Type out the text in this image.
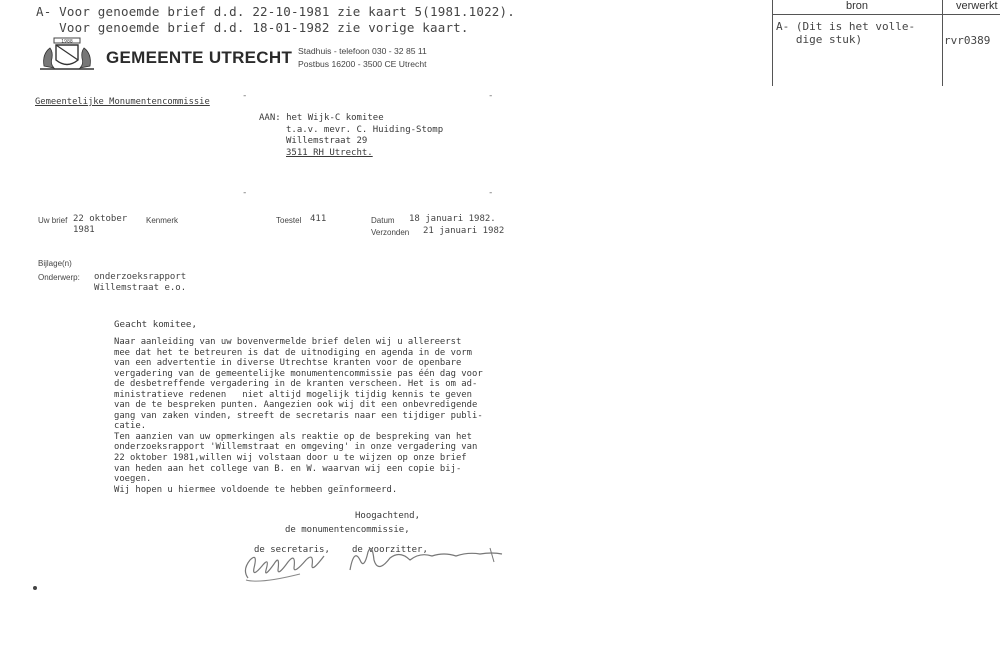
A- Voor genoemde brief d.d. 22-10-1981 zie kaart 5(1981.1022).
Voor genoemde brief d.d. 18-01-1982 zie vorige kaart.
bron	verwerkt
A- (Dit is het volle-
dige stuk)	rvr0389
1988
GEMEENTE UTRECHT Stadhuis - telefoon 030 - 32 85 11
Postbus 16200 - 3500 CE Utrecht
Gemeentelijke Monumentencommissie
-	-
AAN: het Wijk-C komitee
t.a.v. mevr. C. Huiding-Stomp
Willemstraat 29
3511 RH Utrecht.
-	-
Uw brief 22 oktober
1981
Kenmerk	Toestel 411	Datum 18 januari 1982.
Verzonden 21 januari 1982
Bijlage(n)
Onderwerp: onderzoeksrapport
Willemstraat e.o.
Geacht komitee,
Naar aanleiding van uw bovenvermelde brief delen wij u allereerst
mee dat het te betreuren is dat de uitnodiging en agenda in de vorm
van een advertentie in diverse Utrechtse kranten voor de openbare
vergadering van de gemeentelijke monumentencommissie pas één dag voor
de desbetreffende vergadering in de kranten verscheen. Het is om ad-
ministratieve redenen   niet altijd mogelijk tijdig kennis te geven
van de te bespreken punten. Aangezien ook wij dit een onbevredigende
gang van zaken vinden, streeft de secretaris naar een tijdiger publi-
catie.
Ten aanzien van uw opmerkingen als reaktie op de bespreking van het
onderzoeksrapport 'Willemstraat en omgeving' in onze vergadering van
22 oktober 1981,willen wij volstaan door u te wijzen op onze brief
van heden aan het college van B. en W. waarvan wij een copie bij-
voegen.
Wij hopen u hiermee voldoende te hebben geïnformeerd.
Hoogachtend,
de monumentencommissie,
de secretaris, de voorzitter,
